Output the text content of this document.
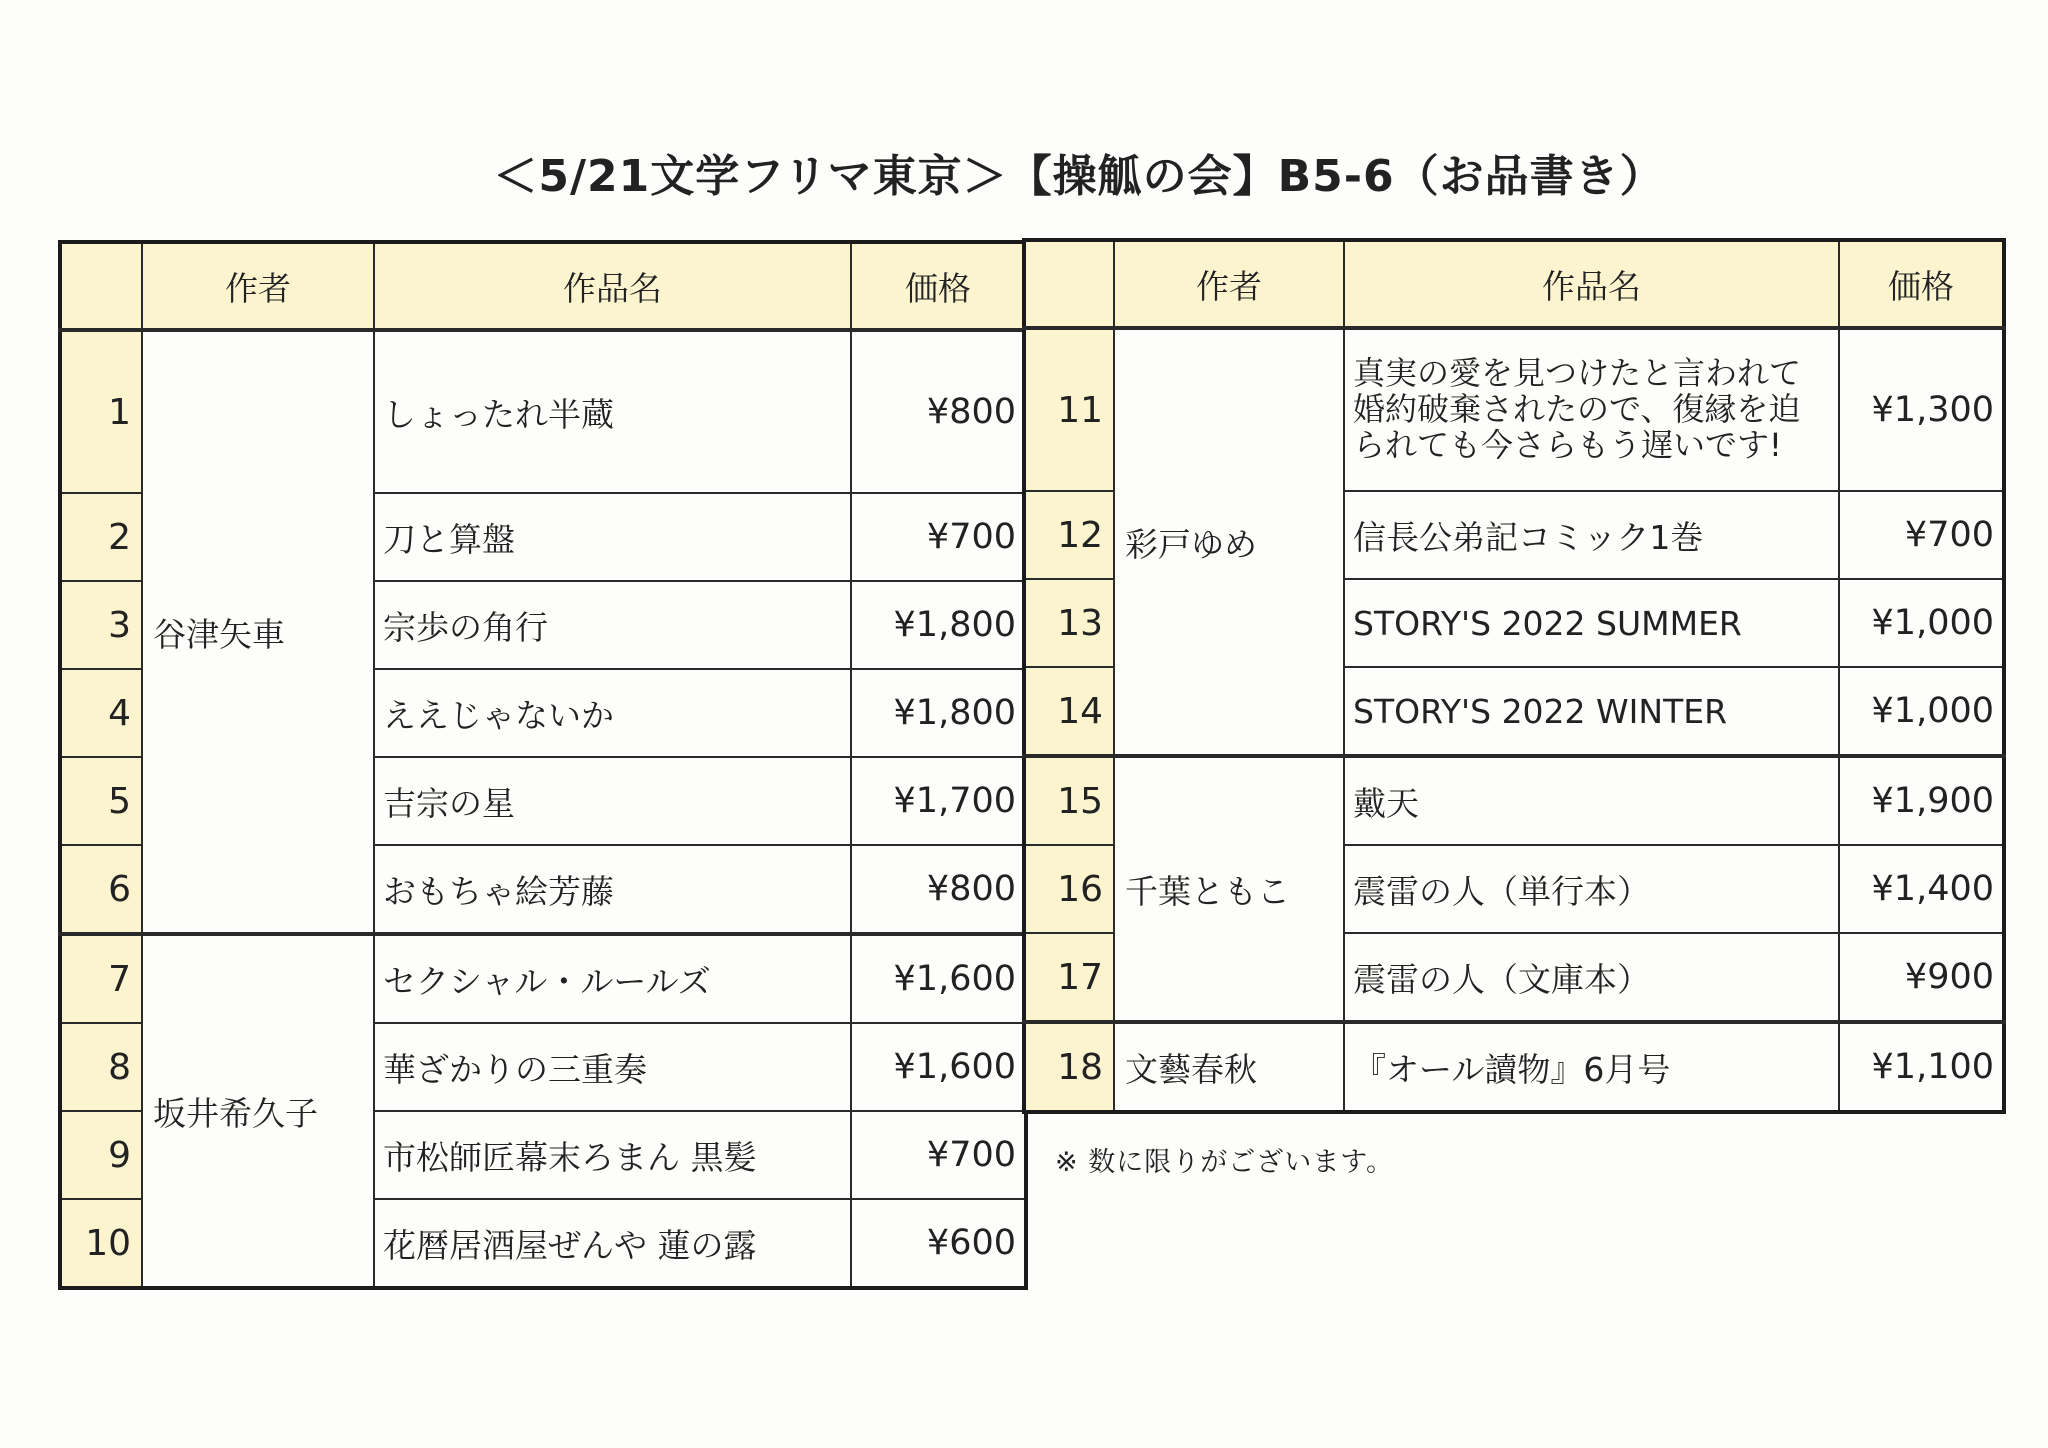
＜5/21文学フリマ東京＞【操觚の会】B5-6（お品書き）
	作者	作品名	価格
1	谷津矢車	しょったれ半蔵	¥800
2		刀と算盤	¥700
3		宗歩の角行	¥1,800
4		ええじゃないか	¥1,800
5		吉宗の星	¥1,700
6		おもちゃ絵芳藤	¥800
7	坂井希久子	セクシャル・ルールズ	¥1,600
8		華ざかりの三重奏	¥1,600
9		市松師匠幕末ろまん 黒髪	¥700
10		花暦居酒屋ぜんや 蓮の露	¥600
	作者	作品名	価格
11	彩戸ゆめ	真実の愛を見つけたと言われて婚約破棄されたので、復縁を迫られても今さらもう遅いです!	¥1,300
12		信長公弟記コミック1巻	¥700
13		STORY'S 2022 SUMMER	¥1,000
14		STORY'S 2022 WINTER	¥1,000
15	千葉ともこ	戴天	¥1,900
16		震雷の人（単行本）	¥1,400
17		震雷の人（文庫本）	¥900
18	文藝春秋	『オール讀物』6月号	¥1,100
※ 数に限りがございます。
